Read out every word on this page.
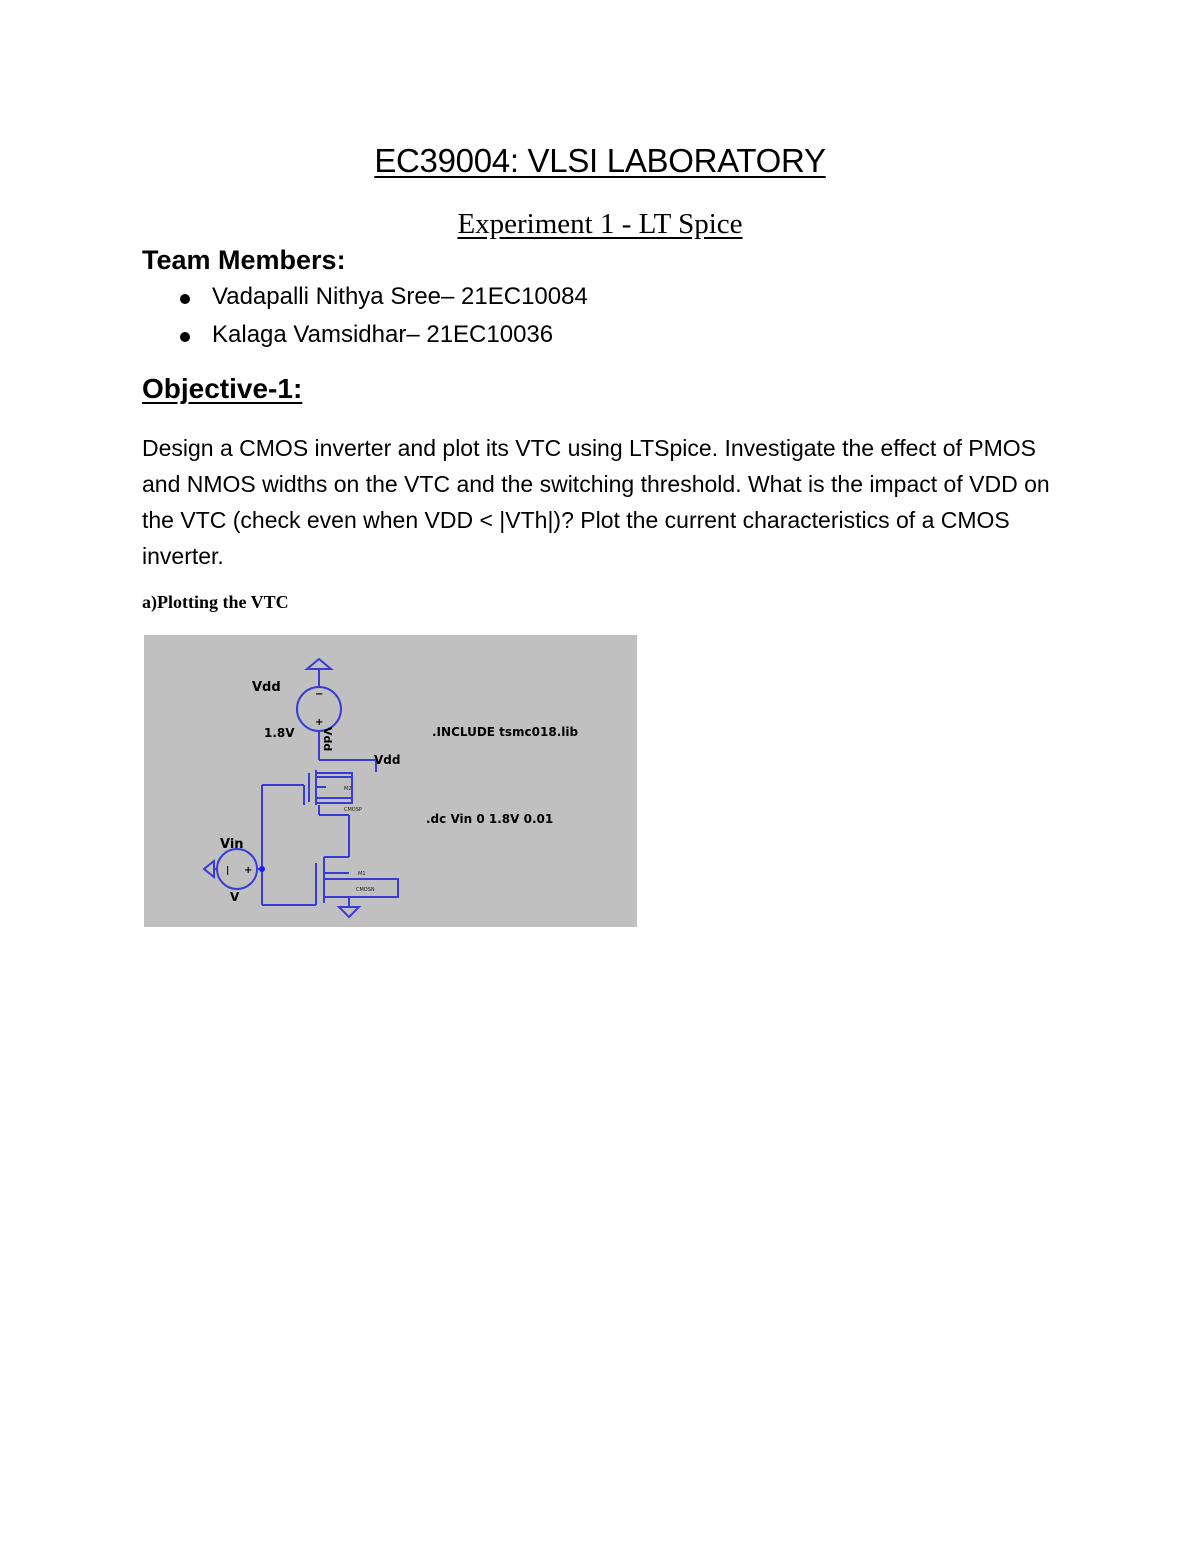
EC39004: VLSI LABORATORY
Experiment 1 - LT Spice
Team Members:
Vadapalli Nithya Sree– 21EC10084
Kalaga Vamsidhar– 21EC10036
Objective-1:

Design a CMOS inverter and plot its VTC using LTSpice. Investigate the effect of PMOS and NMOS widths on the VTC and the switching threshold. What is the impact of VDD on the VTC (check even when VDD < |VTh|)? Plot the current characteristics of a CMOS inverter.

a)Plotting the VTC
−
+
| +
Vdd
1.8V Vdd
Vdd
.INCLUDE tsmc018.lib
.dc Vin 0 1.8V 0.01
Vin
V
M2
CMOSP
M1
CMOSN
